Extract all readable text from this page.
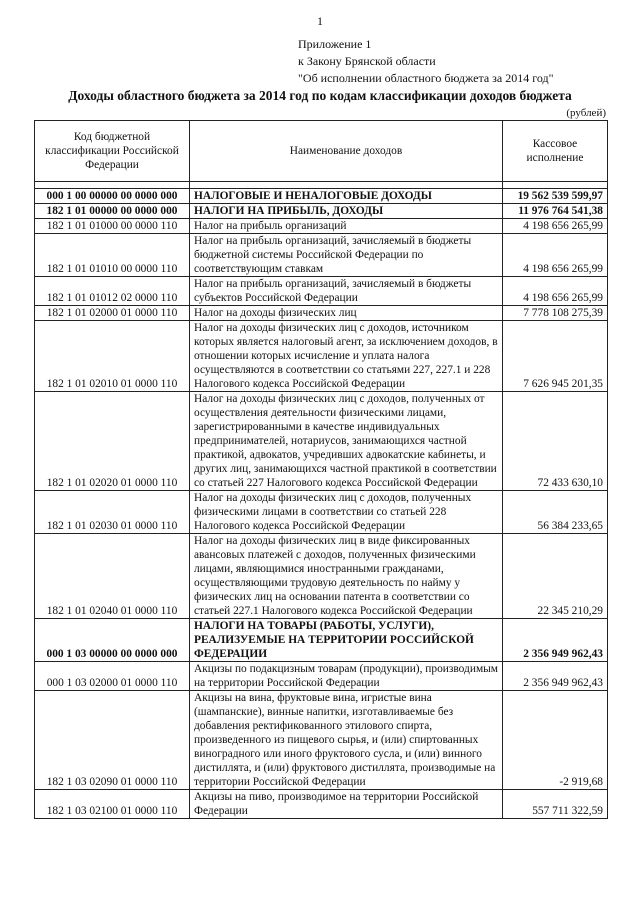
1
Приложение 1
к Закону Брянской области
"Об исполнении областного бюджета за 2014 год"
Доходы областного бюджета за 2014 год по кодам классификации доходов бюджета
(рублей)
Код бюджетной классификации Российской Федерации	Наименование доходов	Кассовое исполнение

000 1 00 00000 00 0000 000	НАЛОГОВЫЕ И НЕНАЛОГОВЫЕ ДОХОДЫ	19 562 539 599,97
182 1 01 00000 00 0000 000	НАЛОГИ НА ПРИБЫЛЬ, ДОХОДЫ	11 976 764 541,38
182 1 01 01000 00 0000 110	Налог на прибыль организаций	4 198 656 265,99
182 1 01 01010 00 0000 110	Налог на прибыль организаций, зачисляемый в бюджеты бюджетной системы Российской Федерации по соответствующим ставкам	4 198 656 265,99
182 1 01 01012 02 0000 110	Налог на прибыль организаций, зачисляемый в бюджеты субъектов Российской Федерации	4 198 656 265,99
182 1 01 02000 01 0000 110	Налог на доходы физических лиц	7 778 108 275,39
182 1 01 02010 01 0000 110	Налог на доходы физических лиц с доходов, источником которых является налоговый агент, за исключением доходов, в отношении которых исчисление и уплата налога осуществляются в соответствии со статьями 227, 227.1 и 228 Налогового кодекса Российской Федерации	7 626 945 201,35
182 1 01 02020 01 0000 110	Налог на доходы физических лиц с доходов, полученных от осуществления деятельности физическими лицами, зарегистрированными в качестве индивидуальных предпринимателей, нотариусов, занимающихся частной практикой, адвокатов, учредивших адвокатские кабинеты, и других лиц, занимающихся частной практикой в соответствии со статьей 227 Налогового кодекса Российской Федерации	72 433 630,10
182 1 01 02030 01 0000 110	Налог на доходы физических лиц с доходов, полученных физическими лицами в соответствии со статьей 228 Налогового кодекса Российской Федерации	56 384 233,65
182 1 01 02040 01 0000 110	Налог на доходы физических лиц в виде фиксированных авансовых платежей с доходов, полученных физическими лицами, являющимися иностранными гражданами, осуществляющими трудовую деятельность по найму у физических лиц на основании патента в соответствии со статьей 227.1 Налогового кодекса Российской Федерации	22 345 210,29
000 1 03 00000 00 0000 000	НАЛОГИ НА ТОВАРЫ (РАБОТЫ, УСЛУГИ), РЕАЛИЗУЕМЫЕ НА ТЕРРИТОРИИ РОССИЙСКОЙ ФЕДЕРАЦИИ	2 356 949 962,43
000 1 03 02000 01 0000 110	Акцизы по подакцизным товарам (продукции), производимым на территории Российской Федерации	2 356 949 962,43
182 1 03 02090 01 0000 110	Акцизы на вина, фруктовые вина, игристые вина (шампанские), винные напитки, изготавливаемые без добавления ректификованного этилового спирта, произведенного из пищевого сырья, и (или) спиртованных виноградного или иного фруктового сусла, и (или) винного дистиллята, и (или) фруктового дистиллята, производимые на территории Российской Федерации	-2 919,68
182 1 03 02100 01 0000 110	Акцизы на пиво, производимое на территории Российской Федерации	557 711 322,59
